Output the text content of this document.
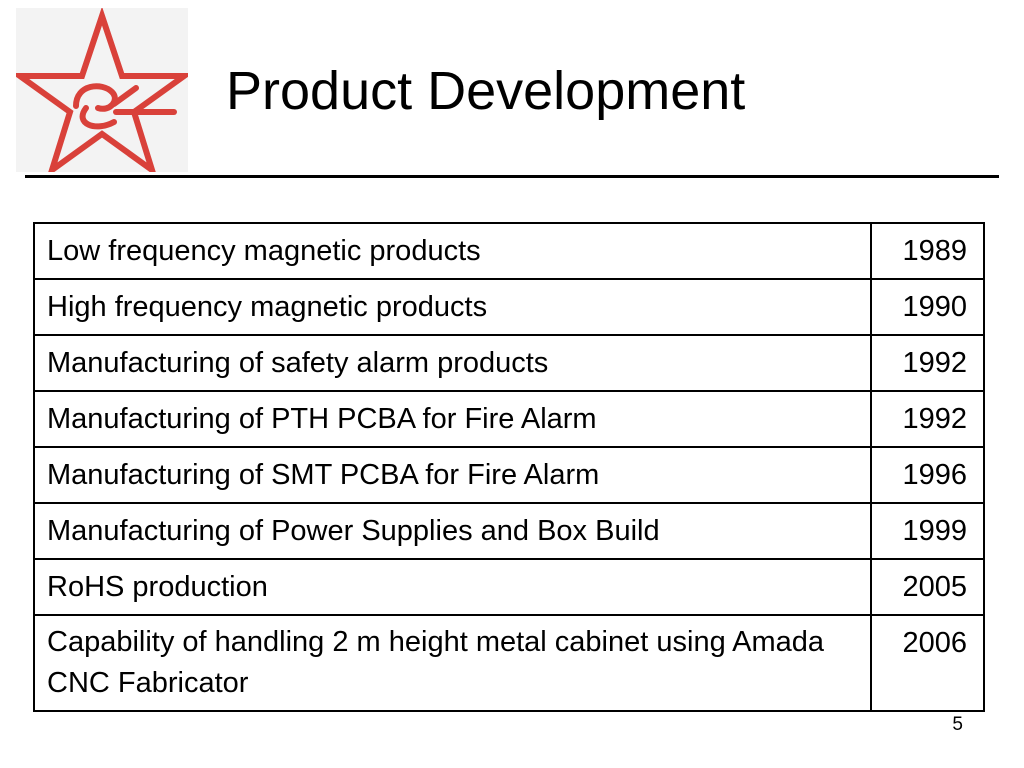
Product Development
Low frequency magnetic products	1989
High frequency magnetic products	1990
Manufacturing of safety alarm products	1992
Manufacturing of PTH PCBA for Fire Alarm	1992
Manufacturing of SMT PCBA for Fire Alarm	1996
Manufacturing of Power Supplies and Box Build	1999
RoHS production	2005
Capability of handling 2 m height metal cabinet using Amada CNC Fabricator	2006
5
